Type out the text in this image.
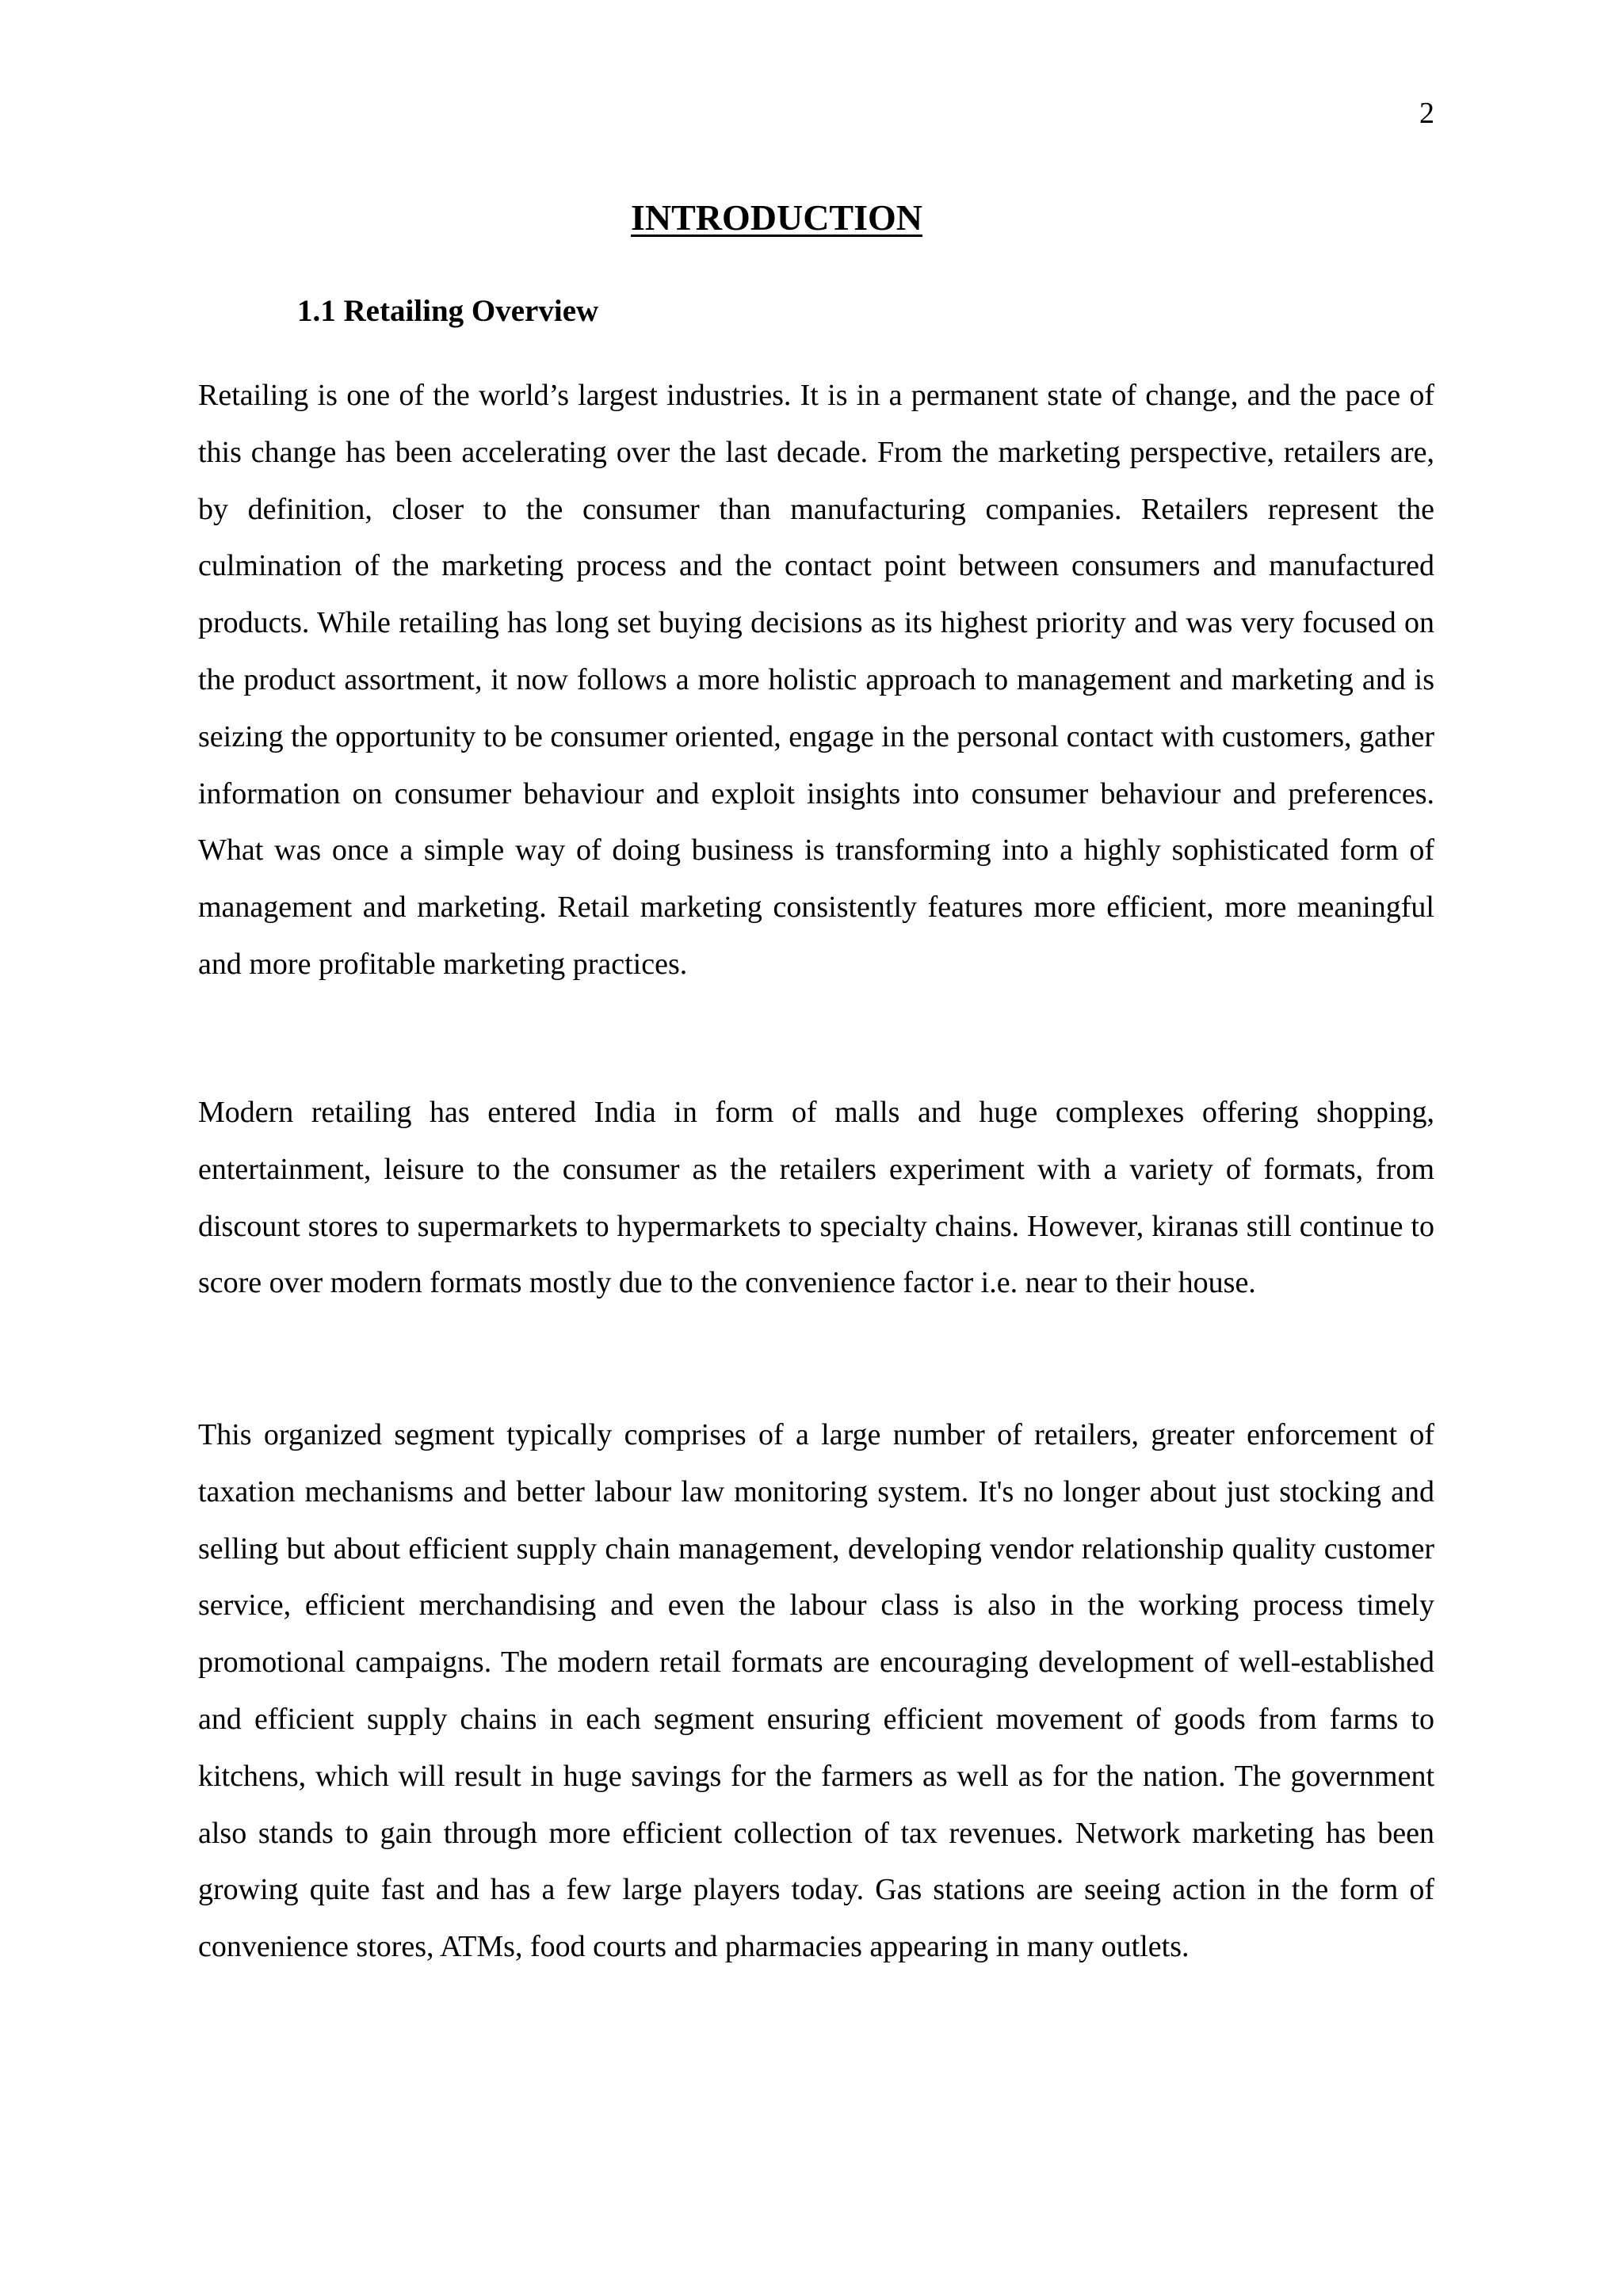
2
INTRODUCTION
1.1 Retailing Overview

Retailing is one of the world’s largest industries. It is in a permanent state of change, and the pace of this change has been accelerating over the last decade. From the marketing perspective, retailers are, by definition, closer to the consumer than manufacturing companies. Retailers represent the culmination of the marketing process and the contact point between consumers and manufactured products. While retailing has long set buying decisions as its highest priority and was very focused on the product assortment, it now follows a more holistic approach to management and marketing and is seizing the opportunity to be consumer oriented, engage in the personal contact with customers, gather information on consumer behaviour and exploit insights into consumer behaviour and preferences. What was once a simple way of doing business is transforming into a highly sophisticated form of management and marketing. Retail marketing consistently features more efficient, more meaningful and more profitable marketing practices.

Modern retailing has entered India in form of malls and huge complexes offering shopping, entertainment, leisure to the consumer as the retailers experiment with a variety of formats, from discount stores to supermarkets to hypermarkets to specialty chains. However, kiranas still continue to score over modern formats mostly due to the convenience factor i.e. near to their house.

This organized segment typically comprises of a large number of retailers, greater enforcement of taxation mechanisms and better labour law monitoring system. It's no longer about just stocking and selling but about efficient supply chain management, developing vendor relationship quality customer service, efficient merchandising and even the labour class is also in the working process timely promotional campaigns. The modern retail formats are encouraging development of well-established and efficient supply chains in each segment ensuring efficient movement of goods from farms to kitchens, which will result in huge savings for the farmers as well as for the nation. The government also stands to gain through more efficient collection of tax revenues. Network marketing has been growing quite fast and has a few large players today. Gas stations are seeing action in the form of convenience stores, ATMs, food courts and pharmacies appearing in many outlets.
